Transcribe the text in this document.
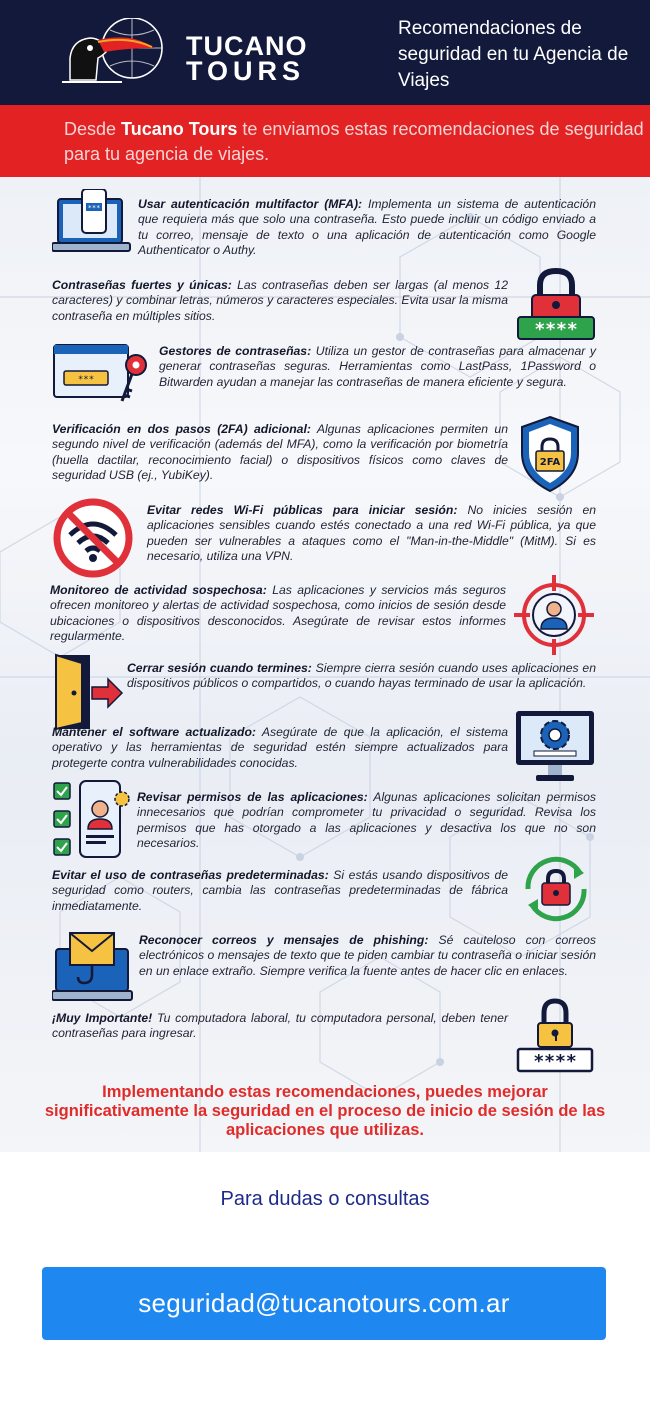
TUCANO
TOURS
Recomendaciones de seguridad en tu Agencia de Viajes
Desde Tucano Tours te enviamos estas recomendaciones de seguridad para tu agencia de viajes.
***	Usar autenticación multifactor (MFA): Implementa un sistema de autenticación que requiera más que solo una contraseña. Esto puede incluir un código enviado a tu correo, mensaje de texto o una aplicación de autenticación como Google Authenticator o Authy.
Contraseñas fuertes y únicas: Las contraseñas deben ser largas (al menos 12 caracteres) y combinar letras, números y caracteres especiales. Evita usar la misma contraseña en múltiples sitios.
****
***
Gestores de contraseñas: Utiliza un gestor de contraseñas para almacenar y generar contraseñas seguras. Herramientas como LastPass, 1Password o Bitwarden ayudan a manejar las contraseñas de manera eficiente y segura.
Verificación en dos pasos (2FA) adicional: Algunas aplicaciones permiten un segundo nivel de verificación (además del MFA), como la verificación por biometría (huella dactilar, reconocimiento facial) o dispositivos físicos como claves de seguridad USB (ej., YubiKey).
2FA
Evitar redes Wi-Fi públicas para iniciar sesión: No inicies sesión en aplicaciones sensibles cuando estés conectado a una red Wi-Fi pública, ya que pueden ser vulnerables a ataques como el "Man-in-the-Middle" (MitM). Si es necesario, utiliza una VPN.
Monitoreo de actividad sospechosa: Las aplicaciones y servicios más seguros ofrecen monitoreo y alertas de actividad sospechosa, como inicios de sesión desde ubicaciones o dispositivos desconocidos. Asegúrate de revisar estos informes regularmente.
Cerrar sesión cuando termines: Siempre cierra sesión cuando uses aplicaciones en dispositivos públicos o compartidos, o cuando hayas terminado de usar la aplicación.
Mantener el software actualizado: Asegúrate de que la aplicación, el sistema operativo y las herramientas de seguridad estén siempre actualizados para protegerte contra vulnerabilidades conocidas.
Revisar permisos de las aplicaciones: Algunas aplicaciones solicitan permisos innecesarios que podrían comprometer tu privacidad o seguridad. Revisa los permisos que has otorgado a las aplicaciones y desactiva los que no son necesarios.
Evitar el uso de contraseñas predeterminadas: Si estás usando dispositivos de seguridad como routers, cambia las contraseñas predeterminadas de fábrica inmediatamente.
Reconocer correos y mensajes de phishing: Sé cauteloso con correos electrónicos o mensajes de texto que te piden cambiar tu contraseña o iniciar sesión en un enlace extraño. Siempre verifica la fuente antes de hacer clic en enlaces.
¡Muy Importante! Tu computadora laboral, tu computadora personal, deben tener contraseñas para ingresar.
****
Implementando estas recomendaciones, puedes mejorar significativamente la seguridad en el proceso de inicio de sesión de las aplicaciones que utilizas.
Para dudas o consultas
seguridad@tucanotours.com.ar
